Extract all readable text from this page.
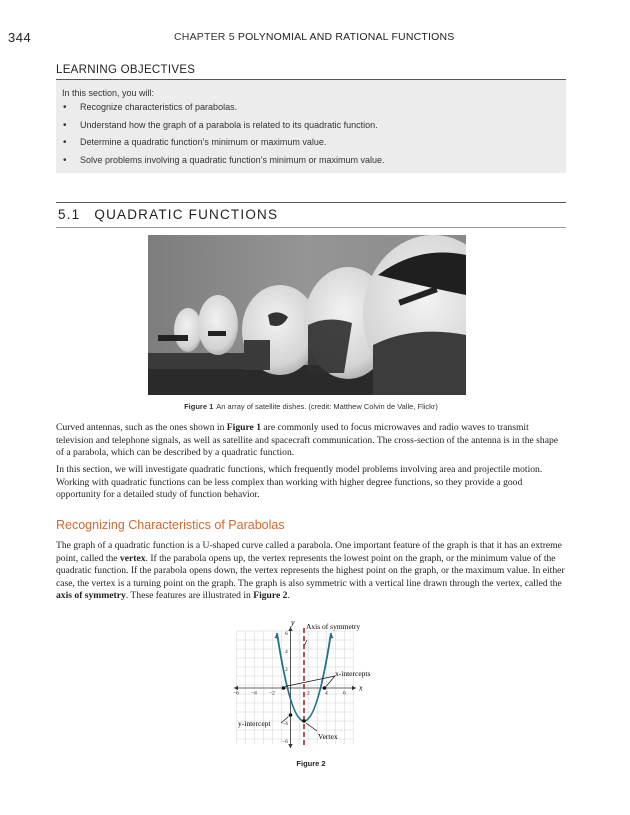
344	CHAPTER 5 POLYNOMIAL AND RATIONAL FUNCTIONS
LEARNING OBJECTIVES
In this section, you will:
• Recognize characteristics of parabolas.
• Understand how the graph of a parabola is related to its quadratic function.
• Determine a quadratic function’s minimum or maximum value.
• Solve problems involving a quadratic function’s minimum or maximum value.
5.1 QUADRATIC FUNCTIONS
Figure 1 An array of satellite dishes. (credit: Matthew Colvin de Valle, Flickr)

Curved antennas, such as the ones shown in Figure 1 are commonly used to focus microwaves and radio waves to transmit television and telephone signals, as well as satellite and spacecraft communication. The cross-section of the antenna is in the shape of a parabola, which can be described by a quadratic function.

In this section, we will investigate quadratic functions, which frequently model problems involving area and projectile motion. Working with quadratic functions can be less complex than working with higher degree functions, so they provide a good opportunity for a detailed study of function behavior.

Recognizing Characteristics of Parabolas

The graph of a quadratic function is a U-shaped curve called a parabola. One important feature of the graph is that it has an extreme point, called the vertex. If the parabola opens up, the vertex represents the lowest point on the graph, or the minimum value of the quadratic function. If the parabola opens down, the vertex represents the highest point on the graph, or the maximum value. In either case, the vertex is a turning point on the graph. The graph is also symmetric with a vertical line drawn through the vertex, called the axis of symmetry. These features are illustrated in Figure 2.

x
y
−6 −4 −2	2	4	6
6
4
2
−4
−6
Axis of symmetry
x-intercepts
y-intercept
Vertex
Figure 2
